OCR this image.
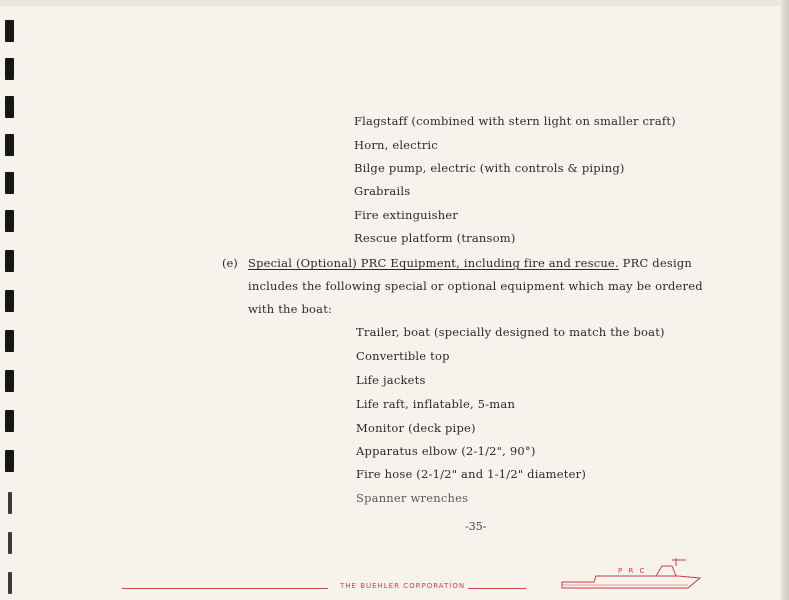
Flagstaff (combined with stern light on smaller craft)
Horn, electric
Bilge pump, electric (with controls & piping)
Grabrails
Fire extinguisher
Rescue platform (transom)
(e) Special (Optional) PRC Equipment, including fire and rescue. PRC design
includes the following special or optional equipment which may be ordered
with the boat:
Trailer, boat (specially designed to match the boat)
Convertible top
Life jackets
Life raft, inflatable, 5-man
Monitor (deck pipe)
Apparatus elbow (2-1/2", 90°)
Fire hose (2-1/2" and 1-1/2" diameter)
Spanner wrenches
-35-
THE BUEHLER CORPORATION
P R C
